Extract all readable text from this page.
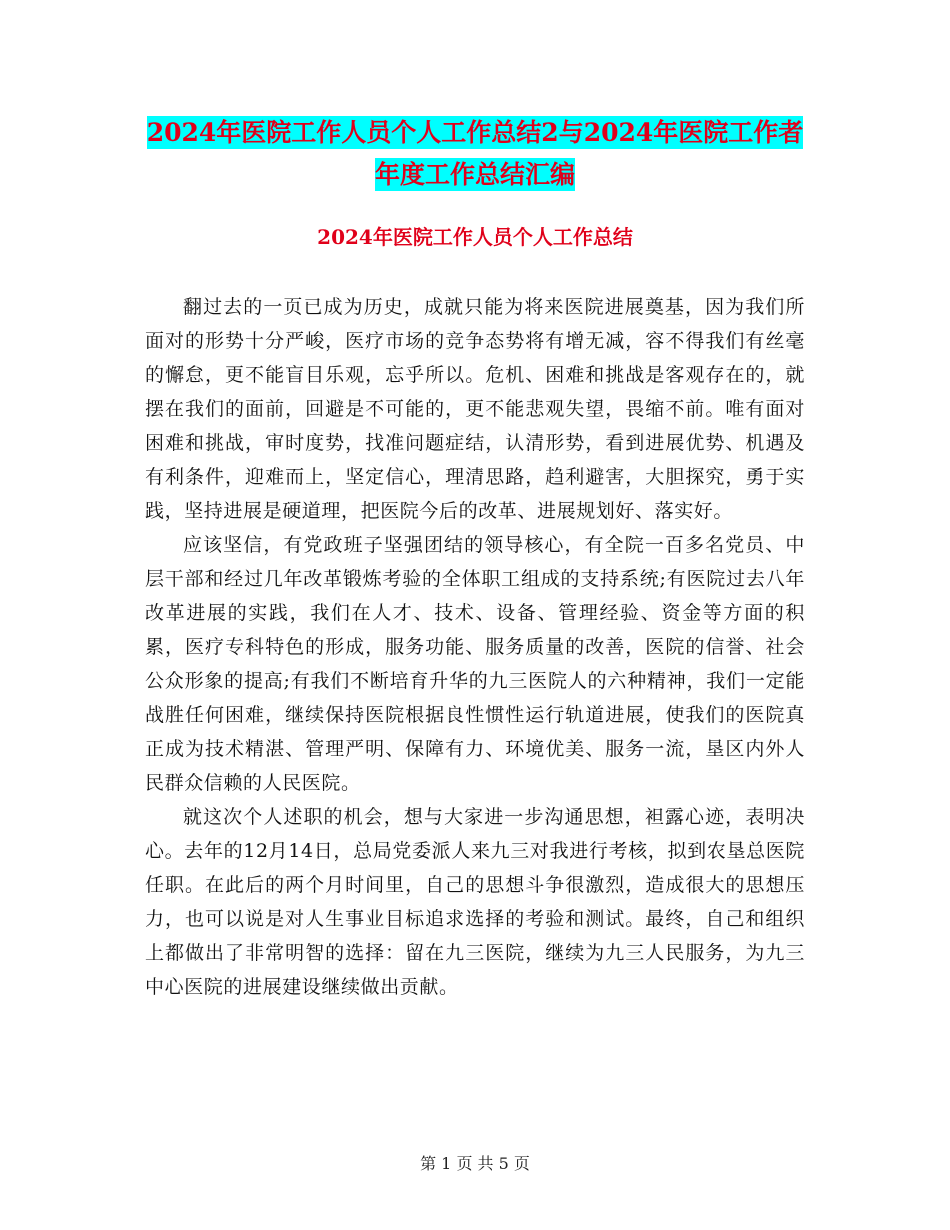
2024年医院工作人员个人工作总结2与2024年医院工作者年度工作总结汇编
2024年医院工作人员个人工作总结

翻过去的一页已成为历史，成就只能为将来医院进展奠基，因为我们所面对的形势十分严峻，医疗市场的竞争态势将有增无减，容不得我们有丝毫的懈怠，更不能盲目乐观，忘乎所以。危机、困难和挑战是客观存在的，就摆在我们的面前，回避是不可能的，更不能悲观失望，畏缩不前。唯有面对困难和挑战，审时度势，找准问题症结，认清形势，看到进展优势、机遇及有利条件，迎难而上，坚定信心，理清思路，趋利避害，大胆探究，勇于实践，坚持进展是硬道理，把医院今后的改革、进展规划好、落实好。

应该坚信，有党政班子坚强团结的领导核心，有全院一百多名党员、中层干部和经过几年改革锻炼考验的全体职工组成的支持系统;有医院过去八年改革进展的实践，我们在人才、技术、设备、管理经验、资金等方面的积累，医疗专科特色的形成，服务功能、服务质量的改善，医院的信誉、社会公众形象的提高;有我们不断培育升华的九三医院人的六种精神，我们一定能战胜任何困难，继续保持医院根据良性惯性运行轨道进展，使我们的医院真正成为技术精湛、管理严明、保障有力、环境优美、服务一流，垦区内外人民群众信赖的人民医院。

就这次个人述职的机会，想与大家进一步沟通思想，袒露心迹，表明决心。去年的12月14日，总局党委派人来九三对我进行考核，拟到农垦总医院任职。在此后的两个月时间里，自己的思想斗争很激烈，造成很大的思想压力，也可以说是对人生事业目标追求选择的考验和测试。最终，自己和组织上都做出了非常明智的选择：留在九三医院，继续为九三人民服务，为九三中心医院的进展建设继续做出贡献。

第 1 页 共 5 页
